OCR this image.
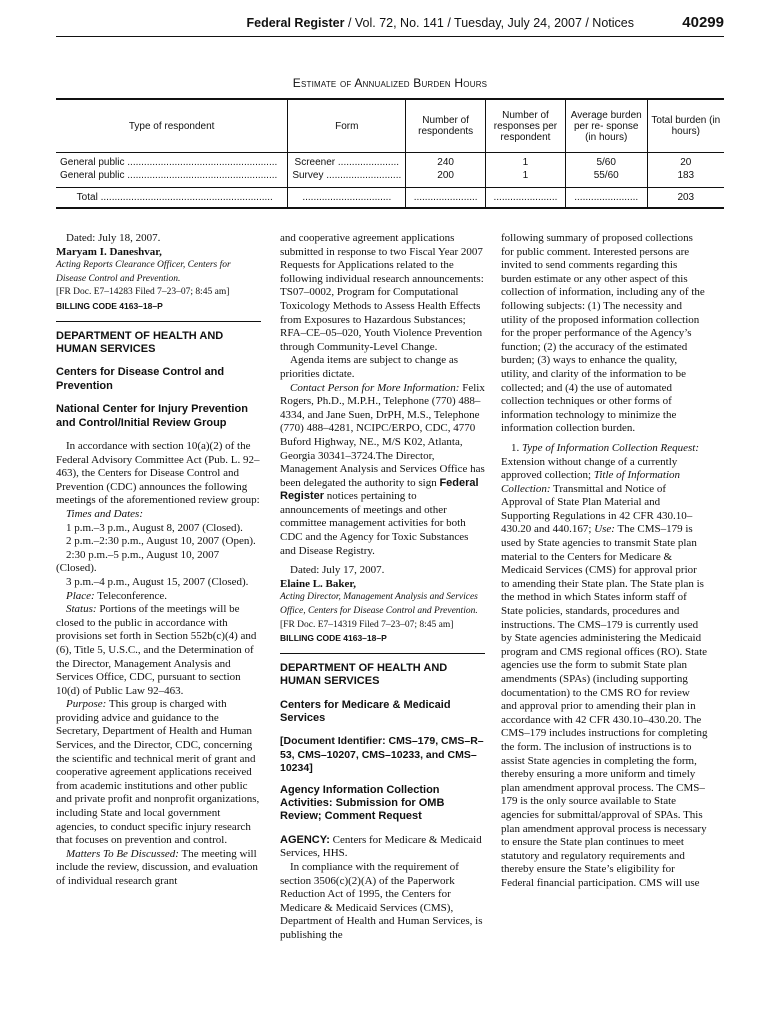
Federal Register / Vol. 72, No. 141 / Tuesday, July 24, 2007 / Notices	40299
Estimate of Annualized Burden Hours
Type of respondent	Form	Number of respondents	Number of responses per respondent	Average burden per re- sponse (in hours)	Total burden (in hours)
General public ......................................................	Screener ......................	240	1	5/60	20
General public ......................................................	Survey ...........................	200	1	55/60	183
Total ..............................................................	................................	.......................	.......................	.......................	203

Dated: July 18, 2007.

Maryam I. Daneshvar,

Acting Reports Clearance Officer, Centers for Disease Control and Prevention.

[FR Doc. E7–14283 Filed 7–23–07; 8:45 am]

BILLING CODE 4163–18–P

DEPARTMENT OF HEALTH AND HUMAN SERVICES
Centers for Disease Control and Prevention
National Center for Injury Prevention and Control/Initial Review Group

In accordance with section 10(a)(2) of the Federal Advisory Committee Act (Pub. L. 92–463), the Centers for Disease Control and Prevention (CDC) announces the following meetings of the aforementioned review group:

Times and Dates:

1 p.m.–3 p.m., August 8, 2007 (Closed).

2 p.m.–2:30 p.m., August 10, 2007 (Open).

2:30 p.m.–5 p.m., August 10, 2007 (Closed).

3 p.m.–4 p.m., August 15, 2007 (Closed).

Place: Teleconference.

Status: Portions of the meetings will be closed to the public in accordance with provisions set forth in Section 552b(c)(4) and (6), Title 5, U.S.C., and the Determination of the Director, Management Analysis and Services Office, CDC, pursuant to section 10(d) of Public Law 92–463.

Purpose: This group is charged with providing advice and guidance to the Secretary, Department of Health and Human Services, and the Director, CDC, concerning the scientific and technical merit of grant and cooperative agreement applications received from academic institutions and other public and private profit and nonprofit organizations, including State and local government agencies, to conduct specific injury research that focuses on prevention and control.

Matters To Be Discussed: The meeting will include the review, discussion, and evaluation of individual research grant

and cooperative agreement applications submitted in response to two Fiscal Year 2007 Requests for Applications related to the following individual research announcements: TS07–0002, Program for Computational Toxicology Methods to Assess Health Effects from Exposures to Hazardous Substances; RFA–CE–05–020, Youth Violence Prevention through Community-Level Change.

Agenda items are subject to change as priorities dictate.

Contact Person for More Information: Felix Rogers, Ph.D., M.P.H., Telephone (770) 488–4334, and Jane Suen, DrPH, M.S., Telephone (770) 488–4281, NCIPC/ERPO, CDC, 4770 Buford Highway, NE., M/S K02, Atlanta, Georgia 30341–3724.The Director, Management Analysis and Services Office has been delegated the authority to sign Federal Register notices pertaining to announcements of meetings and other committee management activities for both CDC and the Agency for Toxic Substances and Disease Registry.

Dated: July 17, 2007.

Elaine L. Baker,

Acting Director, Management Analysis and Services Office, Centers for Disease Control and Prevention.

[FR Doc. E7–14319 Filed 7–23–07; 8:45 am]

BILLING CODE 4163–18–P

DEPARTMENT OF HEALTH AND HUMAN SERVICES
Centers for Medicare & Medicaid Services
[Document Identifier: CMS–179, CMS–R–53, CMS–10207, CMS–10233, and CMS–10234]
Agency Information Collection Activities: Submission for OMB Review; Comment Request

AGENCY: Centers for Medicare & Medicaid Services, HHS.

In compliance with the requirement of section 3506(c)(2)(A) of the Paperwork Reduction Act of 1995, the Centers for Medicare & Medicaid Services (CMS), Department of Health and Human Services, is publishing the

following summary of proposed collections for public comment. Interested persons are invited to send comments regarding this burden estimate or any other aspect of this collection of information, including any of the following subjects: (1) The necessity and utility of the proposed information collection for the proper performance of the Agency’s function; (2) the accuracy of the estimated burden; (3) ways to enhance the quality, utility, and clarity of the information to be collected; and (4) the use of automated collection techniques or other forms of information technology to minimize the information collection burden.

1. Type of Information Collection Request: Extension without change of a currently approved collection; Title of Information Collection: Transmittal and Notice of Approval of State Plan Material and Supporting Regulations in 42 CFR 430.10–430.20 and 440.167; Use: The CMS–179 is used by State agencies to transmit State plan material to the Centers for Medicare & Medicaid Services (CMS) for approval prior to amending their State plan. The State plan is the method in which States inform staff of State policies, standards, procedures and instructions. The CMS–179 is currently used by State agencies administering the Medicaid program and CMS regional offices (RO). State agencies use the form to submit State plan amendments (SPAs) (including supporting documentation) to the CMS RO for review and approval prior to amending their plan in accordance with 42 CFR 430.10–430.20. The CMS–179 includes instructions for completing the form. The inclusion of instructions is to assist State agencies in completing the form, thereby ensuring a more uniform and timely plan amendment approval process. The CMS–179 is the only source available to State agencies for submittal/approval of SPAs. This plan amendment approval process is necessary to ensure the State plan continues to meet statutory and regulatory requirements and thereby ensure the State’s eligibility for Federal financial participation. CMS will use
